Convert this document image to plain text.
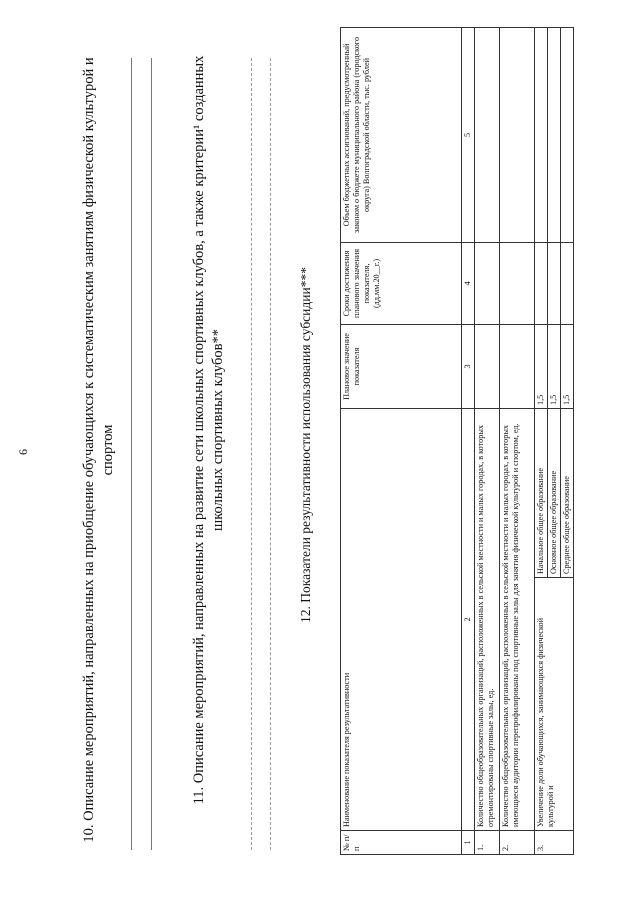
6	10. Описание мероприятий, направленных на приобщение обучающихся к систематическим занятиям физической культурой и спортом	11. Описание мероприятий, направленных на развитие сети школьных спортивных клубов, а также критерии¹ созданных школьных спортивных клубов**	12. Показатели результативности использования субсидии***
№ п/п	Наименование показателя результативности		Плановое значение показателя	Сроки достижения планового значения показателя, (дд.мм.20__г.)	Объем бюджетных ассигнований, предусмотренный законом о бюджете муниципального района (городского округа) Волгоградской области, тыс. рублей
1	2		3	4	5
1.	Количество общеобразовательных организаций, расположенных в сельской местности и малых городах, в которых отремонтированы спортивные залы, ед.				
2.	Количество общеобразовательных организаций, расположенных в сельской местности и малых городах, в которых имеющиеся аудитории перепрофилированы под спортивные залы для занятия физической культурой и спортом, ед.				
3.	Увеличение доли обучающихся, занимающихся физической культурой и	Начальное общее образование	1,5		
		Основное общее образование	1,5		
		Среднее общее образование	1,5		
